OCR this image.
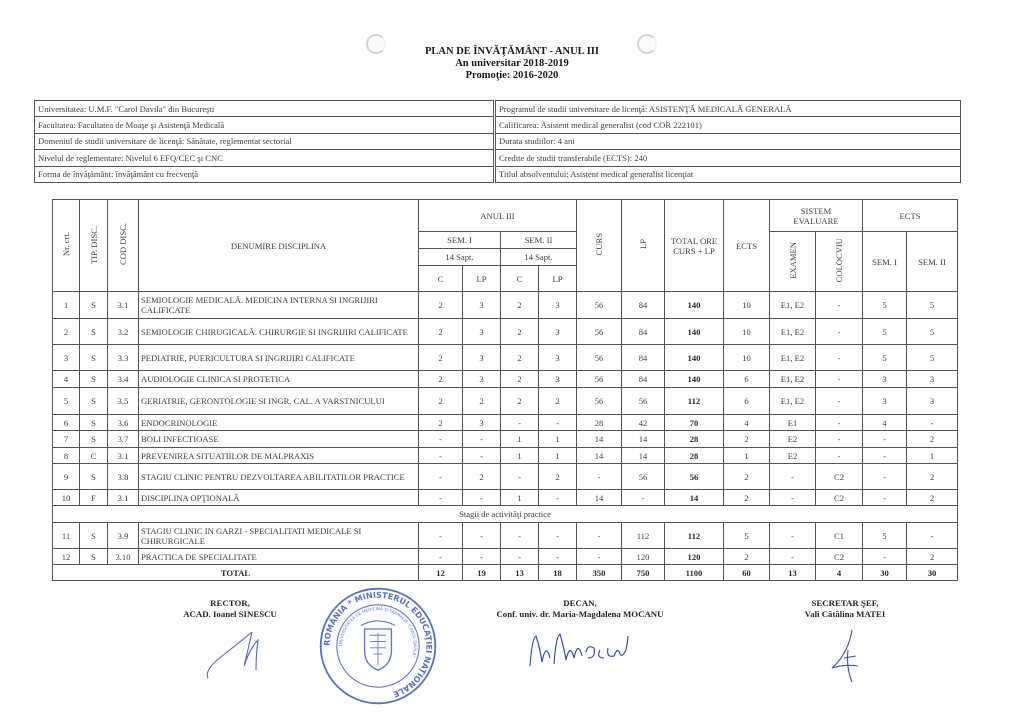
PLAN DE ÎNVĂŢĂMÂNT - ANUL III
An universitar 2018-2019
Promoţie: 2016-2020
Universitatea: U.M.F. "Carol Davila" din Bucureşti
Facultatea: Facultatea de Moaşe şi Asistenţă Medicală
Domeniul de studii universitare de licenţă: Sănătate, reglementat sectorial
Nivelul de reglementare: Nivelul 6 EFQ/CEC şi CNC
Forma de învăţământ: învăţământ cu frecvenţă
Programul de studii universitare de licenţă: ASISTENŢĂ MEDICALĂ GENERALĂ
Calificarea: Asistent medical generalist (cod COR 222101)
Durata studiilor: 4 ani
Credite de studii transferabile (ECTS): 240
Titlul absolventului: Asistent medical generalist licenţiat
Nr. crt.	TIP. DISC.	COD DISC.	DENUMIRE DISCIPLINA	ANUL III				CURS	LP	TOTAL ORE CURS + LP	ECTS	SISTEM EVALUARE		ECTS	
				SEM. I		SEM. II						EXAMEN	COLOCVIU	SEM. I	SEM. II
				14 Sapt.		14 Sapt.									
				C	LP	C	LP								
1	S	3.1	SEMIOLOGIE MEDICALĂ. MEDICINA INTERNA SI INGRIJIRI CALIFICATE	2	3	2	3	56	84	140	10	E1, E2	-	5	5
2	S	3.2	SEMIOLOGIE CHIRUGICALĂ. CHIRURGIE SI INGRIJIRI CALIFICATE	2	3	2	3	56	84	140	10	E1, E2	-	5	5
3	S	3.3	PEDIATRIE, PUERICULTURA SI INGRIJIRI CALIFICATE	2	3	2	3	56	84	140	10	E1, E2	-	5	5
4	S	3.4	AUDIOLOGIE CLINICA SI PROTETICA	2	3	2	3	56	84	140	6	E1, E2	-	3	3
5	S	3.5	GERIATRIE, GERONTOLOGIE SI INGR. CAL. A VARSTNICULUI	2	2	2	2	56	56	112	6	E1, E2	-	3	3
6	S	3.6	ENDOCRINOLOGIE	2	3	-	-	28	42	70	4	E1	-	4	-
7	S	3.7	BOLI INFECTIOASE	-	-	1	1	14	14	28	2	E2	-	-	2
8	C	3.1	PREVENIREA SITUATIILOR DE MALPRAXIS	-	-	1	1	14	14	28	1	E2	-	-	1
9	S	3.8	STAGIU CLINIC PENTRU DEZVOLTAREA ABILITATILOR PRACTICE	-	2	-	2	-	56	56	2	-	C2	-	2
10	F	3.1	DISCIPLINA OPŢIONALĂ	-	-	1	-	14	-	14	2	-	C2	-	2
Stagii de activităţi practice															
11	S	3.9	STAGIU CLINIC IN GARZI - SPECIALITATI MEDICALE SI CHIRURGICALE	-	-	-	-	-	112	112	5	-	C1	5	-
12	S	3.10	PRACTICA DE SPECIALITATE	-	-	-	-	-	120	120	2	-	C2	-	2
TOTAL				12	19	13	18	350	750	1100	60	13	4	30	30
ROMÂNIA * MINISTERUL EDUCAŢIEI NAŢIONALE
UNIVERSITATEA DE MEDICINĂ ŞI FARMACIE "CAROL DAVILA"
RECTOR,
ACAD. Ioanel SINESCU
DECAN,
Conf. univ. dr. Maria-Magdalena MOCANU
SECRETAR ŞEF,
Vali Cătălina MATEI
